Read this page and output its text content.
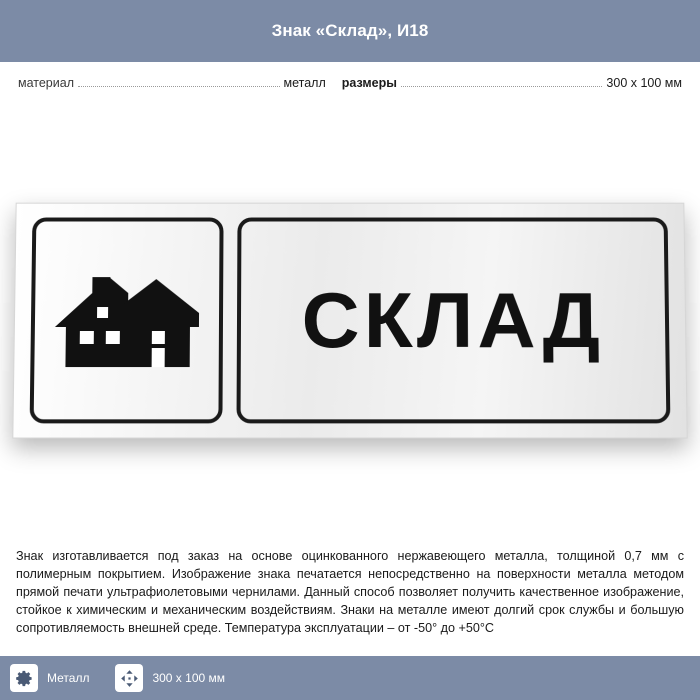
Знак «Склад», И18
материал	металл размеры	300 x 100 мм
СКЛАД
Знак изготавливается под заказ на основе оцинкованного нержавеющего металла, толщиной 0,7 мм с полимерным покрытием. Изображение знака печатается непосредственно на поверхности металла методом прямой печати ультрафиолетовыми чернилами. Данный способ позволяет получить качественное изображение, стойкое к химическим и механическим воздействиям. Знаки на металле имеют долгий срок службы и большую сопротивляемость внешней среде. Температура эксплуатации – от -50° до +50°С
Металл	300 x 100 мм
